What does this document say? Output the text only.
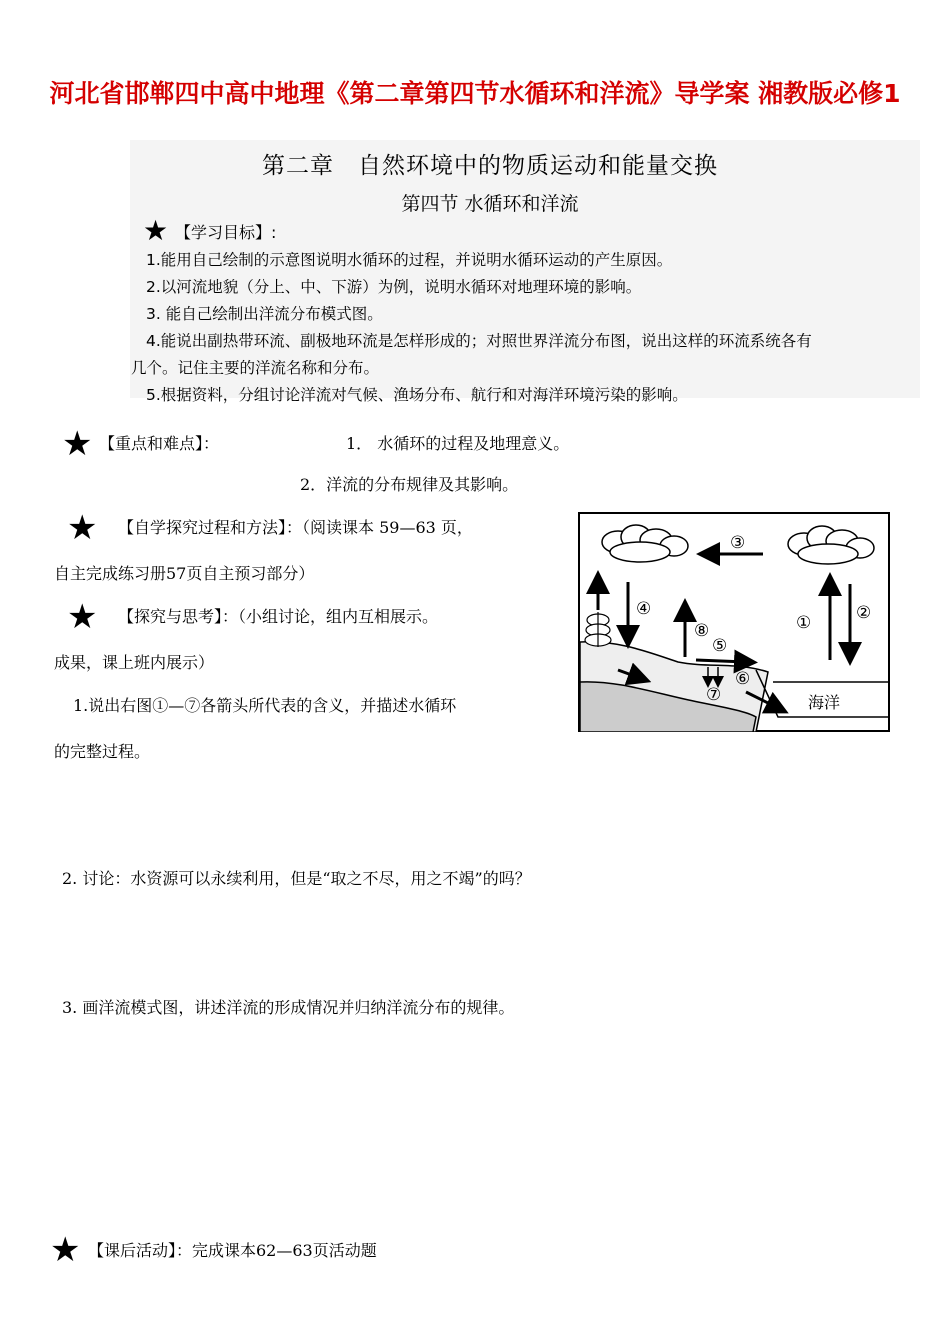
河北省邯郸四中高中地理《第二章第四节水循环和洋流》导学案 湘教版必修1
第二章　自然环境中的物质运动和能量交换
第四节 水循环和洋流
★ 【学习目标】:
1.能用自己绘制的示意图说明水循环的过程，并说明水循环运动的产生原因。
2.以河流地貌（分上、中、下游）为例，说明水循环对地理环境的影响。
3. 能自己绘制出洋流分布模式图。
4.能说出副热带环流、副极地环流是怎样形成的；对照世界洋流分布图，说出这样的环流系统各有
几个。记住主要的洋流名称和分布。
5.根据资料，分组讨论洋流对气候、渔场分布、航行和对海洋环境污染的影响。
★ 【重点和难点】：	1． 水循环的过程及地理意义。
2．洋流的分布规律及其影响。
★ 【自学探究过程和方法】：（阅读课本 59—63 页，
自主完成练习册57页自主预习部分）
★ 【探究与思考】：（小组讨论，组内互相展示。
成果，课上班内展示）
1.说出右图①—⑦各箭头所代表的含义，并描述水循环
的完整过程。
2. 讨论：水资源可以永续利用，但是“取之不尽，用之不竭”的吗？
3. 画洋流模式图，讲述洋流的形成情况并归纳洋流分布的规律。
★ 【课后活动】：完成课本62—63页活动题
⑨
④
③
①	②
⑧
⑤
⑥
⑦	海洋
